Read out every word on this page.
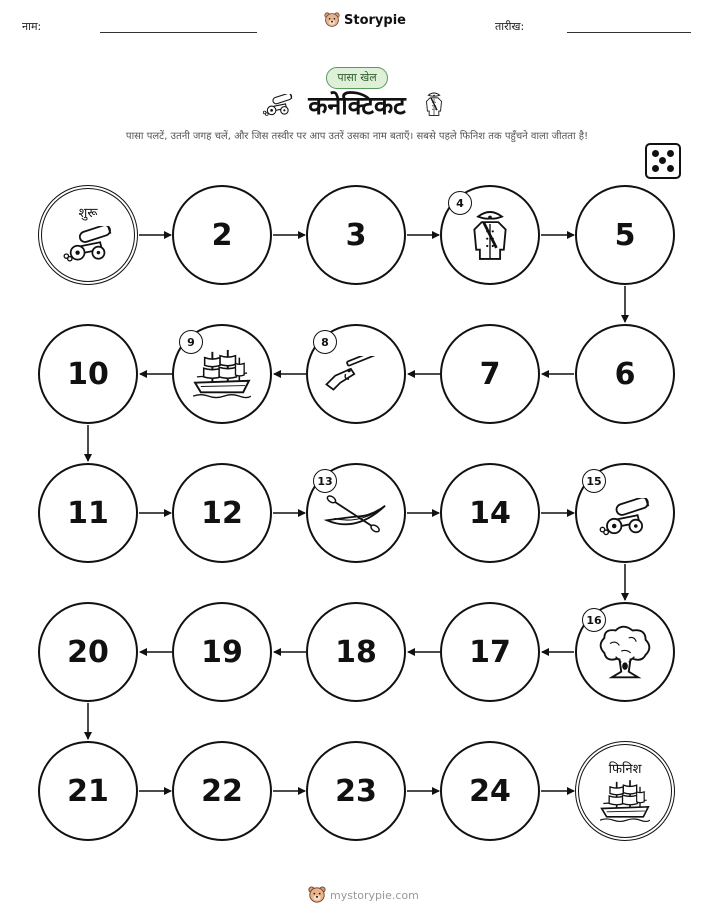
नाम:	Storypie	तारीख:
पासा खेल
कनेक्टिकट
पासा पलटें, उतनी जगह चलें, और जिस तस्वीर पर आप उतरें उसका नाम बताएँ। सबसे पहले फिनिश तक पहुँचने वाला जीतता है!
शुरू
2	3
4
5
6
7
8
9
10
11	12
13
14
15
16
17
18
19
20
21	22	23	24
फिनिश
mystorypie.com
